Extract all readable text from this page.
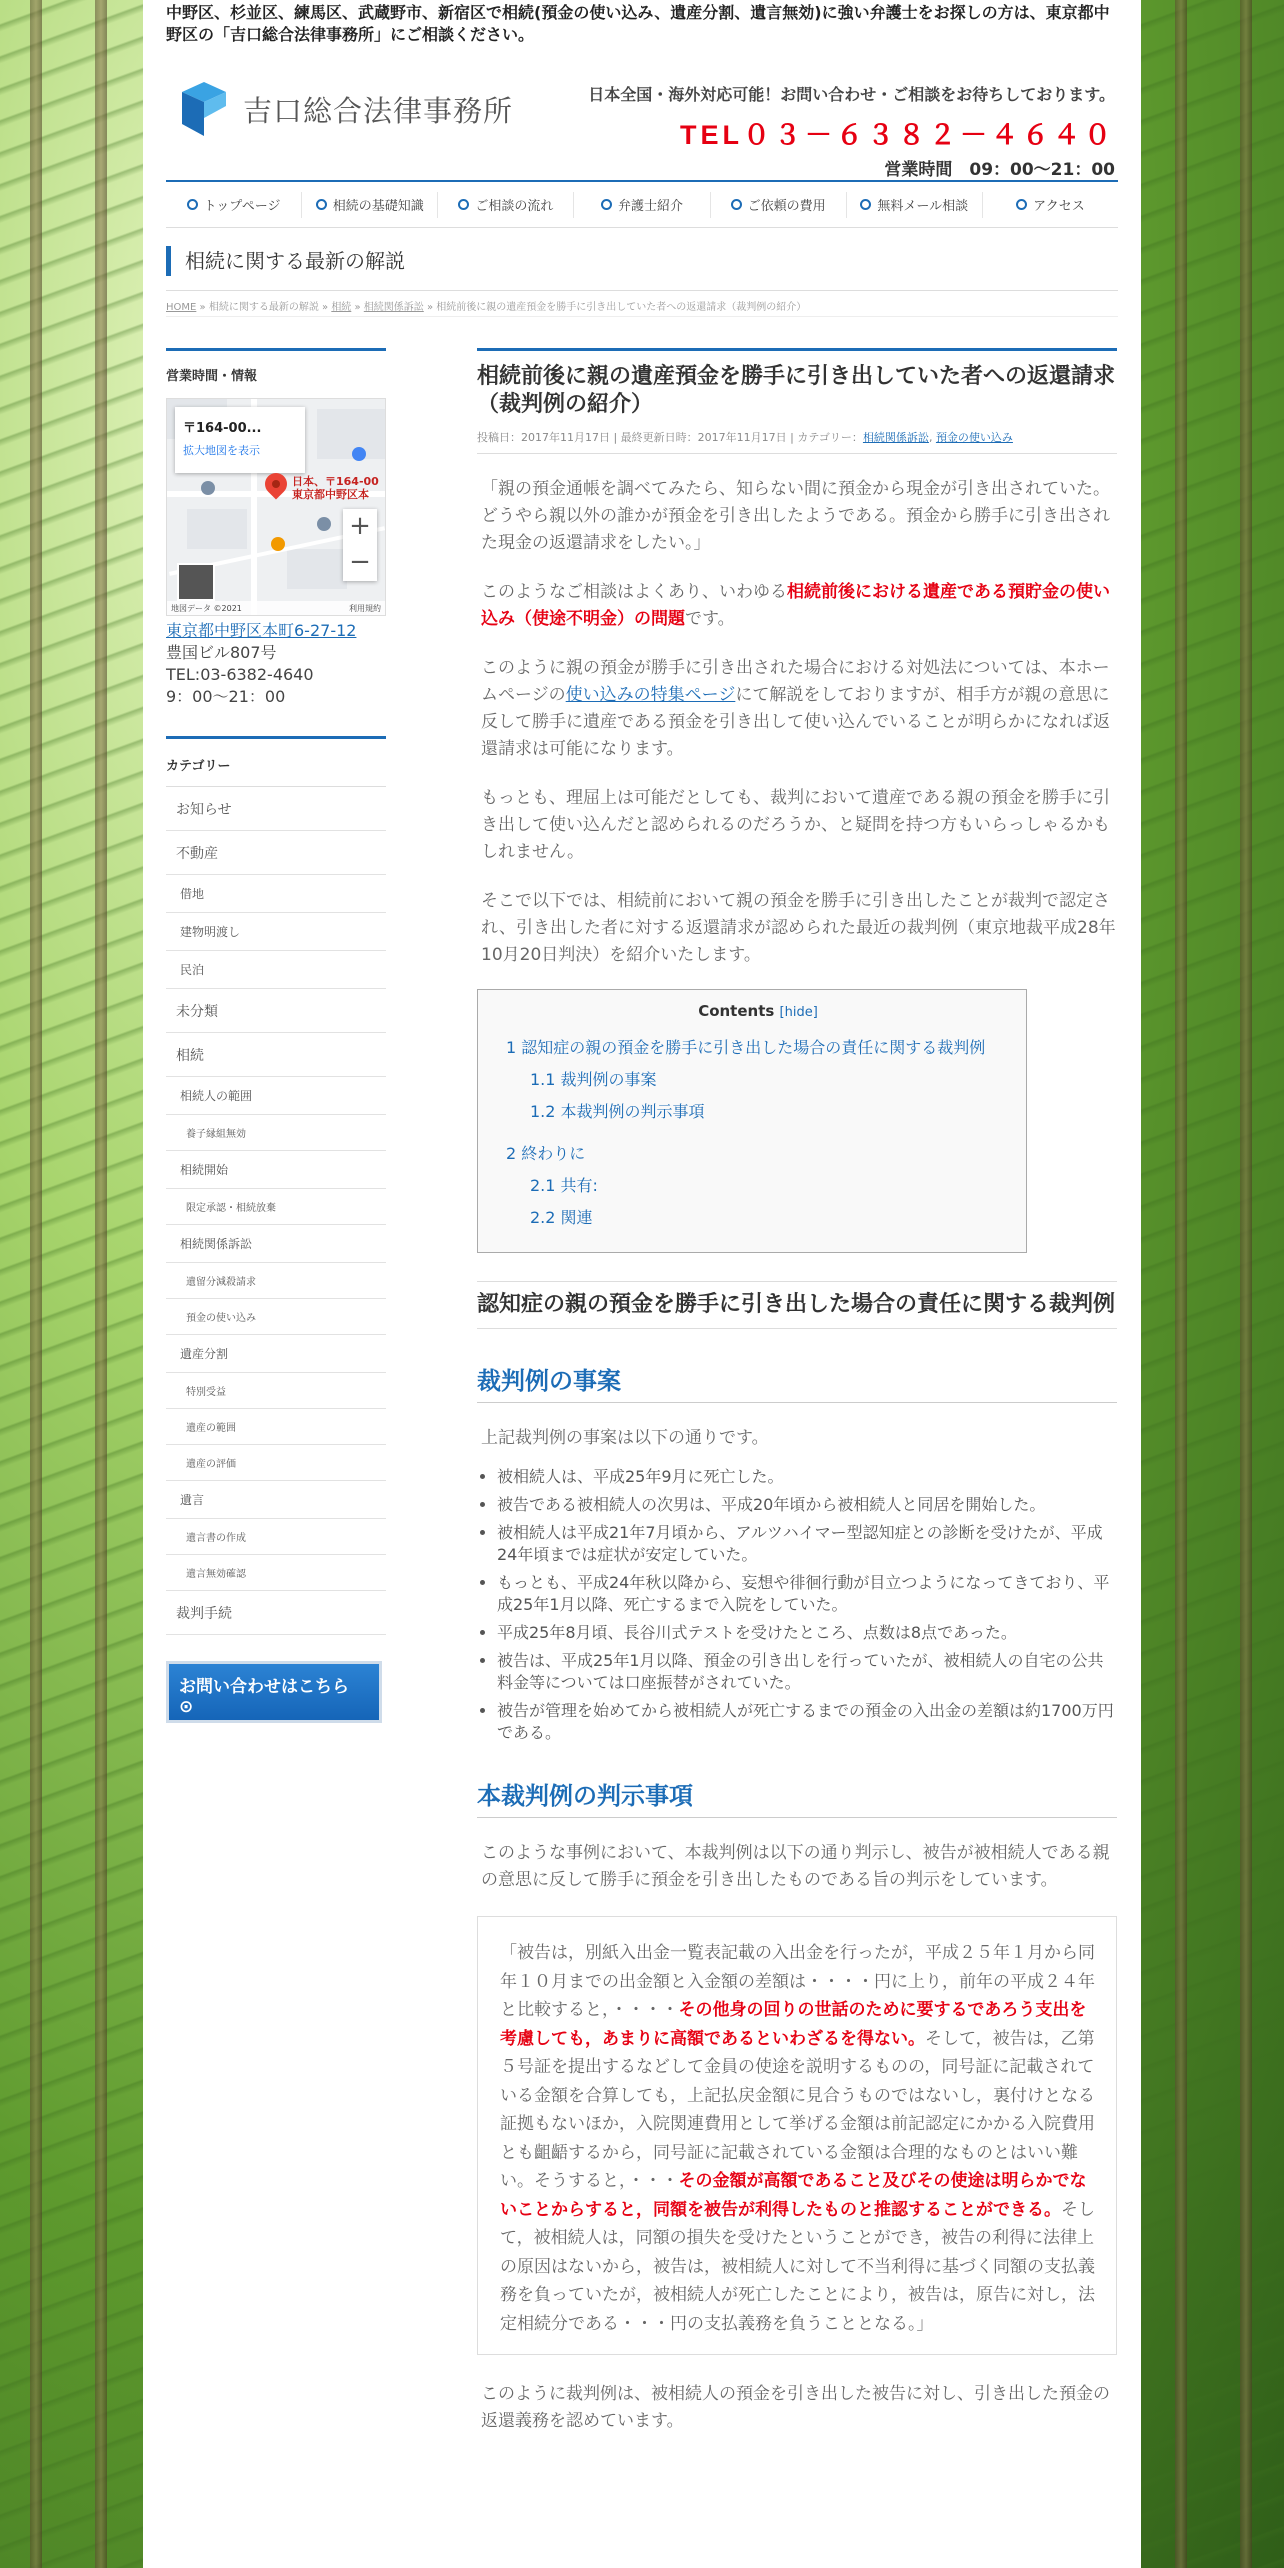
中野区、杉並区、練馬区、武蔵野市、新宿区で相続(預金の使い込み、遺産分割、遺言無効)に強い弁護士をお探しの方は、東京都中野区の「吉口総合法律事務所」にご相談ください。
吉口総合法律事務所	日本全国・海外対応可能！お問い合わせ・ご相談をお待ちしております。
TEL０３－６３８２－４６４０
営業時間　09：00～21：00
トップページ	相続の基礎知識	ご相談の流れ	弁護士紹介	ご依頼の費用	無料メール相談	アクセス
相続に関する最新の解説
HOME » 相続に関する最新の解説 » 相続 » 相続関係訴訟 » 相続前後に親の遺産預金を勝手に引き出していた者への返還請求（裁判例の紹介）
営業時間・情報
〒164-00...
拡大地図を表示
日本、〒164-00
東京都中野区本
+
−
地図データ ©2021	利用規約
東京都中野区本町6-27-12
豊国ビル807号
TEL:03-6382-4640
9：00～21：00
カテゴリー
お知らせ
不動産
借地
建物明渡し
民泊
未分類
相続
相続人の範囲
養子縁組無効
相続開始
限定承認・相続放棄
相続関係訴訟
遺留分減殺請求
預金の使い込み
遺産分割
特別受益
遺産の範囲
遺産の評価
遺言
遺言書の作成
遺言無効確認
裁判手続
お問い合わせはこちら ⊙
お気軽にご相談・お問い合わせ下さい。
相続前後に親の遺産預金を勝手に引き出していた者への返還請求（裁判例の紹介）
投稿日：2017年11月17日 | 最終更新日時：2017年11月17日 | カテゴリー：相続関係訴訟, 預金の使い込み
「親の預金通帳を調べてみたら、知らない間に預金から現金が引き出されていた。どうやら親以外の誰かが預金を引き出したようである。預金から勝手に引き出された現金の返還請求をしたい。」
このようなご相談はよくあり、いわゆる相続前後における遺産である預貯金の使い込み（使途不明金）の問題です。
このように親の預金が勝手に引き出された場合における対処法については、本ホームページの使い込みの特集ページにて解説をしておりますが、相手方が親の意思に反して勝手に遺産である預金を引き出して使い込んでいることが明らかになれば返還請求は可能になります。
もっとも、理屈上は可能だとしても、裁判において遺産である親の預金を勝手に引き出して使い込んだと認められるのだろうか、と疑問を持つ方もいらっしゃるかもしれません。
そこで以下では、相続前において親の預金を勝手に引き出したことが裁判で認定され、引き出した者に対する返還請求が認められた最近の裁判例（東京地裁平成28年10月20日判決）を紹介いたします。
Contents [hide]
1 認知症の親の預金を勝手に引き出した場合の責任に関する裁判例
1.1 裁判例の事案
1.2 本裁判例の判示事項
2 終わりに
2.1 共有:
2.2 関連
認知症の親の預金を勝手に引き出した場合の責任に関する裁判例
裁判例の事案
上記裁判例の事案は以下の通りです。
• 被相続人は、平成25年9月に死亡した。
• 被告である被相続人の次男は、平成20年頃から被相続人と同居を開始した。
• 被相続人は平成21年7月頃から、アルツハイマー型認知症との診断を受けたが、平成24年頃までは症状が安定していた。
• もっとも、平成24年秋以降から、妄想や徘徊行動が目立つようになってきており、平成25年1月以降、死亡するまで入院をしていた。
• 平成25年8月頃、長谷川式テストを受けたところ、点数は8点であった。
• 被告は、平成25年1月以降、預金の引き出しを行っていたが、被相続人の自宅の公共料金等については口座振替がされていた。
• 被告が管理を始めてから被相続人が死亡するまでの預金の入出金の差額は約1700万円である。
本裁判例の判示事項
このような事例において、本裁判例は以下の通り判示し、被告が被相続人である親の意思に反して勝手に預金を引き出したものである旨の判示をしています。
「被告は，別紙入出金一覧表記載の入出金を行ったが，平成２５年１月から同年１０月までの出金額と入金額の差額は・・・・円に上り，前年の平成２４年と比較すると，・・・・その他身の回りの世話のために要するであろう支出を考慮しても，あまりに高額であるといわざるを得ない。そして，被告は，乙第５号証を提出するなどして金員の使途を説明するものの，同号証に記載されている金額を合算しても，上記払戻金額に見合うものではないし，裏付けとなる証拠もないほか，入院関連費用として挙げる金額は前記認定にかかる入院費用とも齟齬するから，同号証に記載されている金額は合理的なものとはいい難い。そうすると，・・・その金額が高額であること及びその使途は明らかでないことからすると，同額を被告が利得したものと推認することができる。そして，被相続人は，同額の損失を受けたということができ，被告の利得に法律上の原因はないから，被告は，被相続人に対して不当利得に基づく同額の支払義務を負っていたが，被相続人が死亡したことにより，被告は，原告に対し，法定相続分である・・・円の支払義務を負うこととなる。」
このように裁判例は、被相続人の預金を引き出した被告に対し、引き出した預金の返還義務を認めています。
